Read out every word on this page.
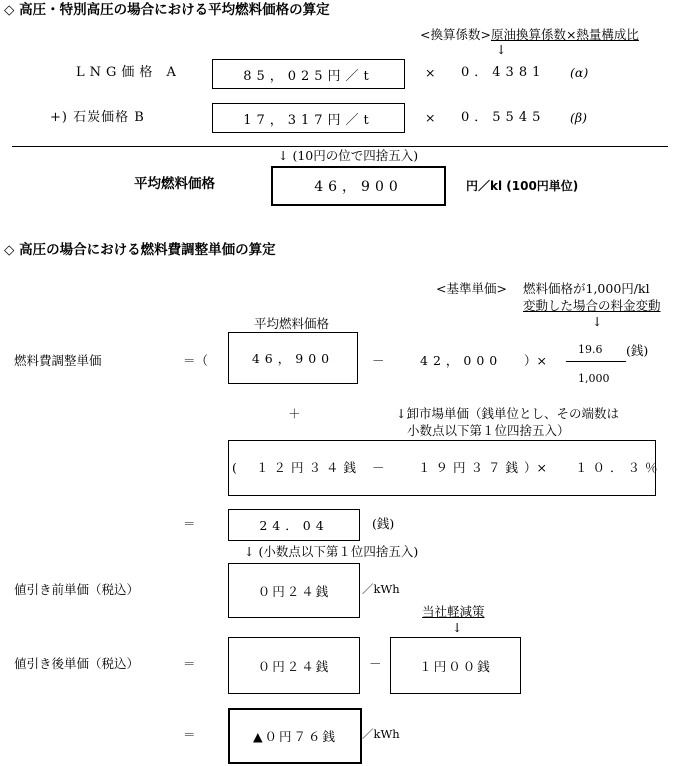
◇ 高圧・特別高圧の場合における平均燃料価格の算定
<換算係数>原油換算係数×熱量構成比
↓
LNG価格 A	85，025円／t	× 0．4381 (α)
+) 石炭価格 B	17，317円／t	× 0．5545 (β)
↓ (10円の位で四捨五入)
平均燃料価格	46，900	円／kl (100円単位)
◇ 高圧の場合における燃料費調整単価の算定
<基準単価> 燃料価格が1,000円/kl
変動した場合の料金変動
↓
平均燃料価格
燃料費調整単価	＝（	46，900	－	42，000 ）×
19.6
1,000
(銭)
＋	↓卸市場単価（銭単位とし、その端数は
小数点以下第１位四捨五入）
( １２円３４銭 －	１９円３７銭 ）× １０．３％
＝	24．04	(銭)
↓ (小数点以下第１位四捨五入)
値引き前単価（税込）	０円２４銭	／kWh
当社軽減策
↓
値引き後単価（税込）	＝	０円２４銭	－	１円００銭
＝	▲０円７６銭	／kWh
